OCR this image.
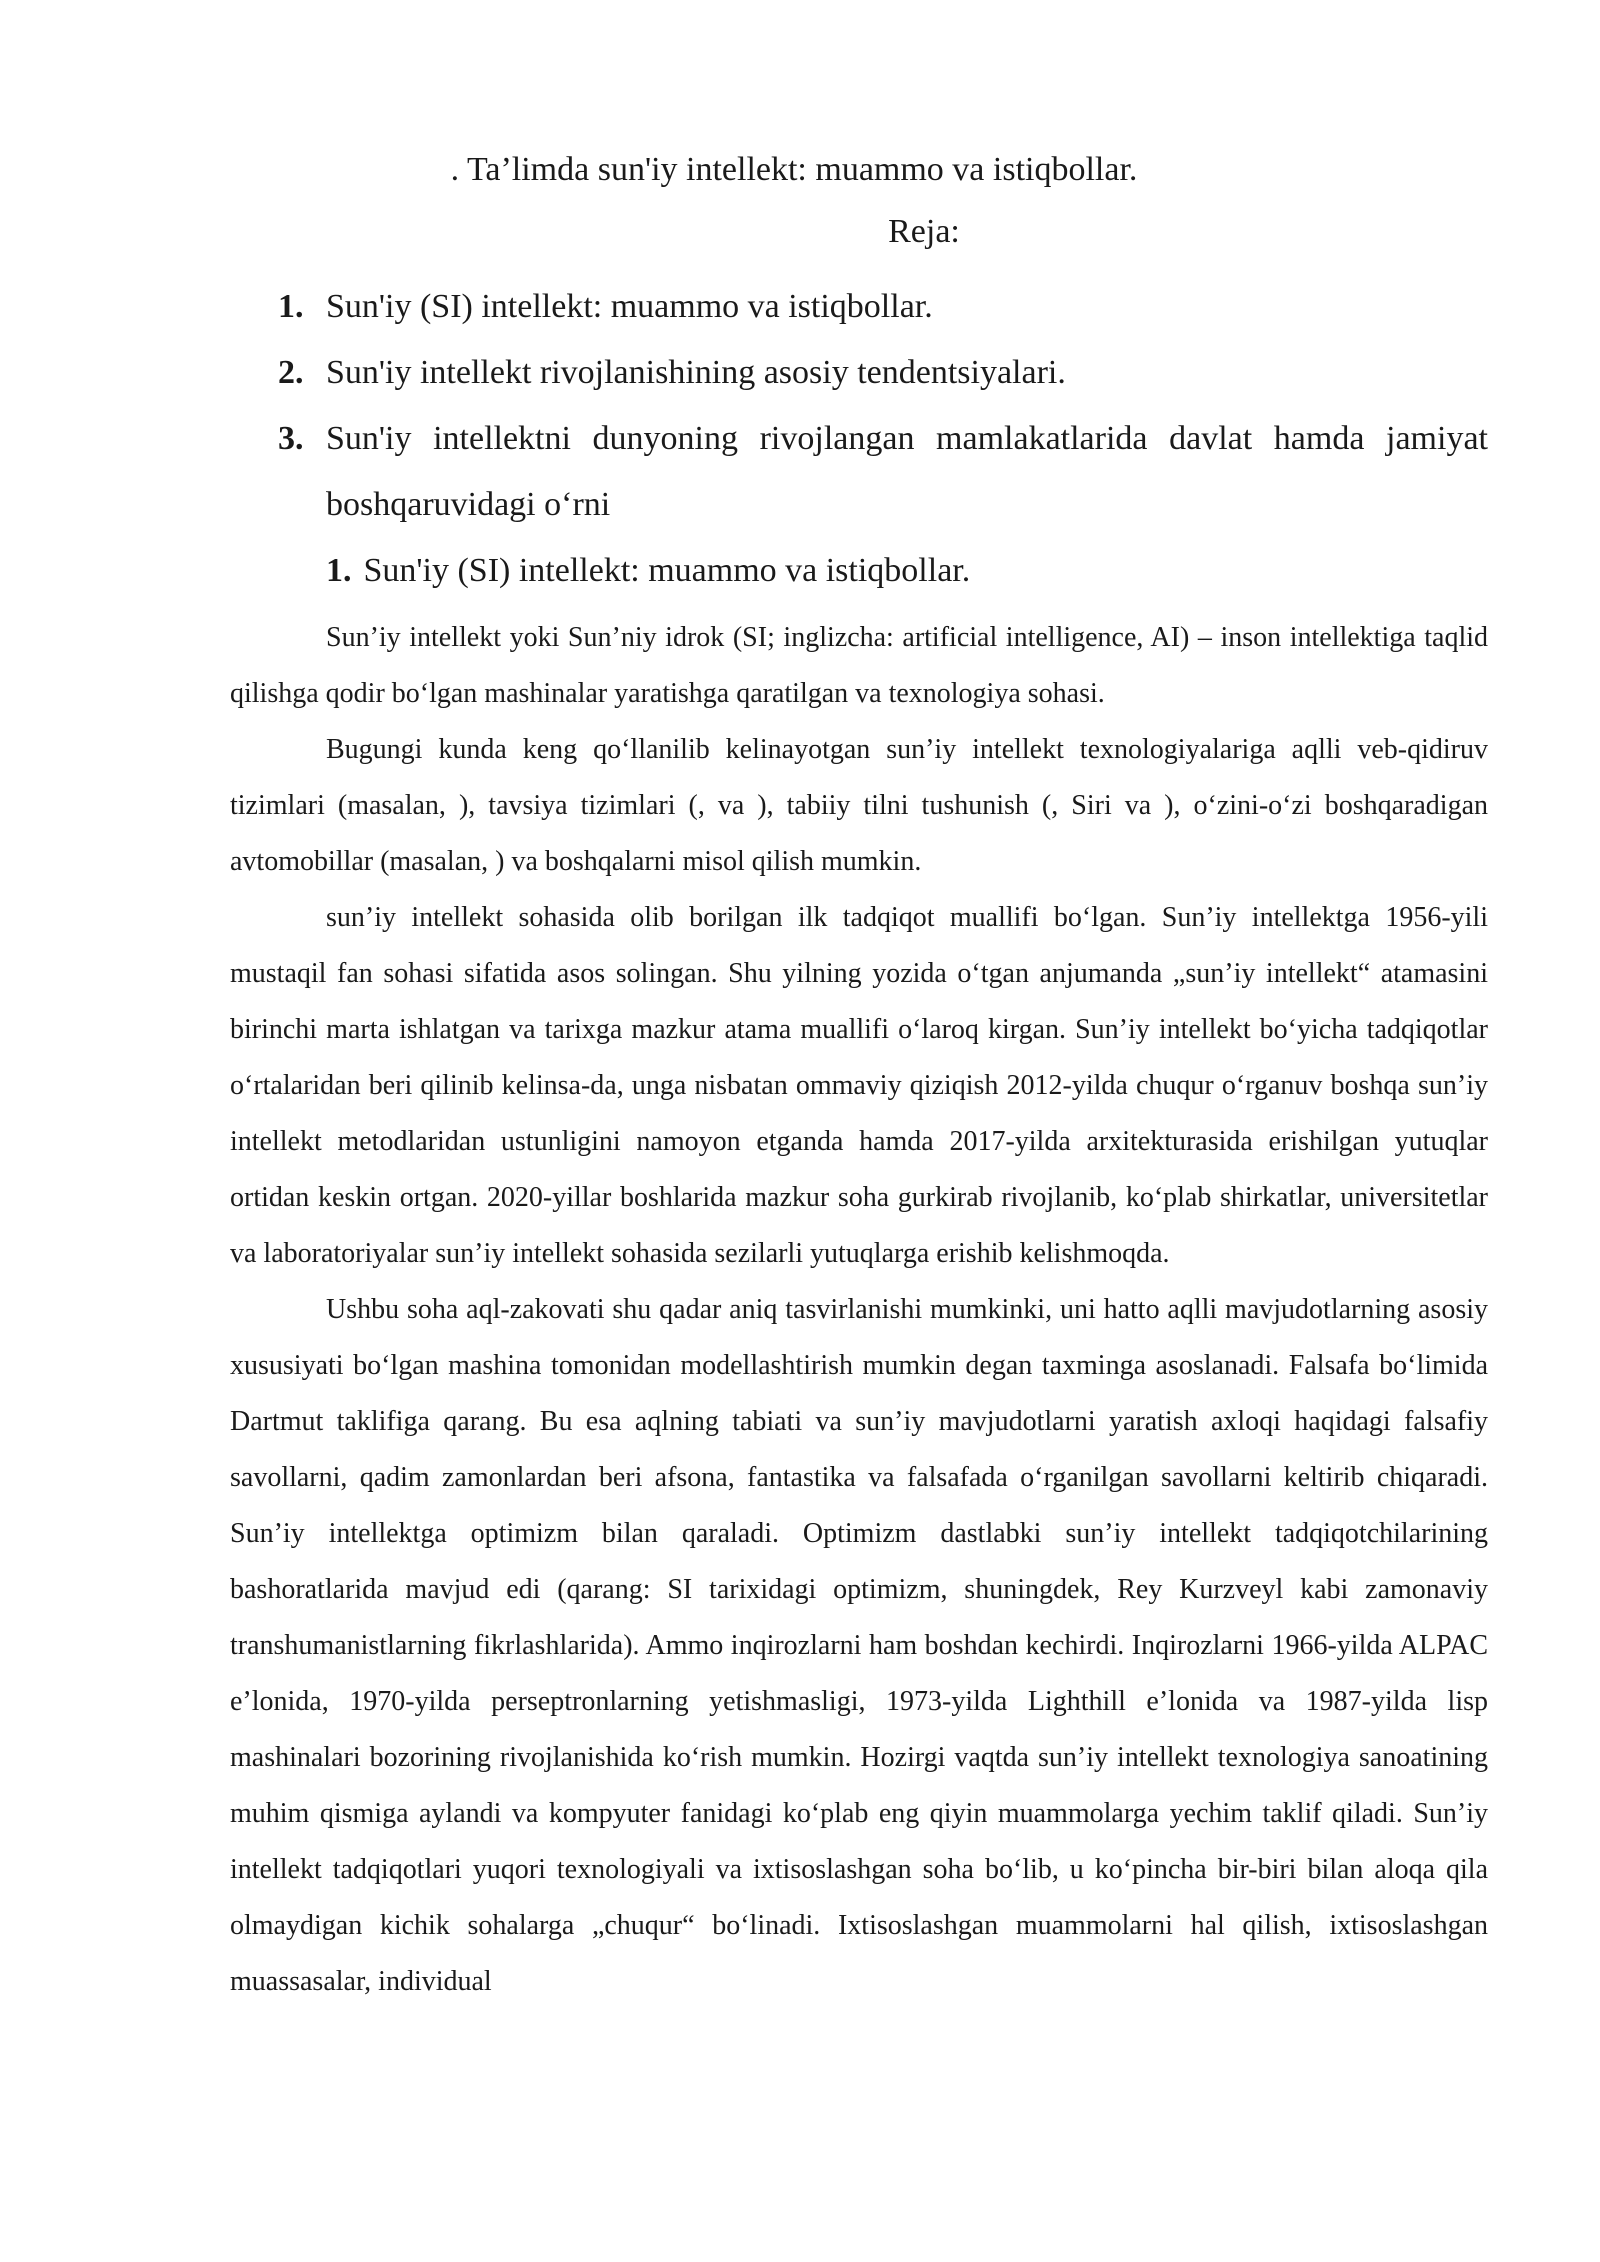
. Ta’limda sun'iy intellekt: muammo va istiqbollar.

Reja:

1. Sun'iy (SI) intellekt: muammo va istiqbollar.
2. Sun'iy intellekt rivojlanishining asosiy tendentsiyalari.
3. Sun'iy intellektni dunyoning rivojlangan mamlakatlarida davlat hamda jamiyat boshqaruvidagi o‘rni
1. Sun'iy (SI) intellekt: muammo va istiqbollar.

Sun’iy intellekt yoki Sun’niy idrok (SI; inglizcha: artificial intelligence, AI) – inson intellektiga taqlid qilishga qodir bo‘lgan mashinalar yaratishga qaratilgan va texnologiya sohasi.

Bugungi kunda keng qo‘llanilib kelinayotgan sun’iy intellekt texnologiyalariga aqlli veb-qidiruv tizimlari (masalan, ), tavsiya tizimlari (, va ), tabiiy tilni tushunish (, Siri va ), o‘zini-o‘zi boshqaradigan avtomobillar (masalan, ) va boshqalarni misol qilish mumkin.

sun’iy intellekt sohasida olib borilgan ilk tadqiqot muallifi bo‘lgan. Sun’iy intellektga 1956-yili mustaqil fan sohasi sifatida asos solingan. Shu yilning yozida o‘tgan anjumanda „sun’iy intellekt“ atamasini birinchi marta ishlatgan va tarixga mazkur atama muallifi o‘laroq kirgan. Sun’iy intellekt bo‘yicha tadqiqotlar o‘rtalaridan beri qilinib kelinsa-da, unga nisbatan ommaviy qiziqish 2012-yilda chuqur o‘rganuv boshqa sun’iy intellekt metodlaridan ustunligini namoyon etganda hamda 2017-yilda arxitekturasida erishilgan yutuqlar ortidan keskin ortgan. 2020-yillar boshlarida mazkur soha gurkirab rivojlanib, ko‘plab shirkatlar, universitetlar va laboratoriyalar sun’iy intellekt sohasida sezilarli yutuqlarga erishib kelishmoqda.

Ushbu soha aql-zakovati shu qadar aniq tasvirlanishi mumkinki, uni hatto aqlli mavjudotlarning asosiy xususiyati bo‘lgan mashina tomonidan modellashtirish mumkin degan taxminga asoslanadi. Falsafa bo‘limida Dartmut taklifiga qarang. Bu esa aqlning tabiati va sun’iy mavjudotlarni yaratish axloqi haqidagi falsafiy savollarni, qadim zamonlardan beri afsona, fantastika va falsafada o‘rganilgan savollarni keltirib chiqaradi. Sun’iy intellektga optimizm bilan qaraladi. Optimizm dastlabki sun’iy intellekt tadqiqotchilarining bashoratlarida mavjud edi (qarang: SI tarixidagi optimizm, shuningdek, Rey Kurzveyl kabi zamonaviy transhumanistlarning fikrlashlarida). Ammo inqirozlarni ham boshdan kechirdi. Inqirozlarni 1966-yilda ALPAC e’lonida, 1970-yilda perseptronlarning yetishmasligi, 1973-yilda Lighthill e’lonida va 1987-yilda lisp mashinalari bozorining rivojlanishida ko‘rish mumkin. Hozirgi vaqtda sun’iy intellekt texnologiya sanoatining muhim qismiga aylandi va kompyuter fanidagi ko‘plab eng qiyin muammolarga yechim taklif qiladi. Sun’iy intellekt tadqiqotlari yuqori texnologiyali va ixtisoslashgan soha bo‘lib, u ko‘pincha bir-biri bilan aloqa qila olmaydigan kichik sohalarga „chuqur“ bo‘linadi. Ixtisoslashgan muammolarni hal qilish, ixtisoslashgan muassasalar, individual
